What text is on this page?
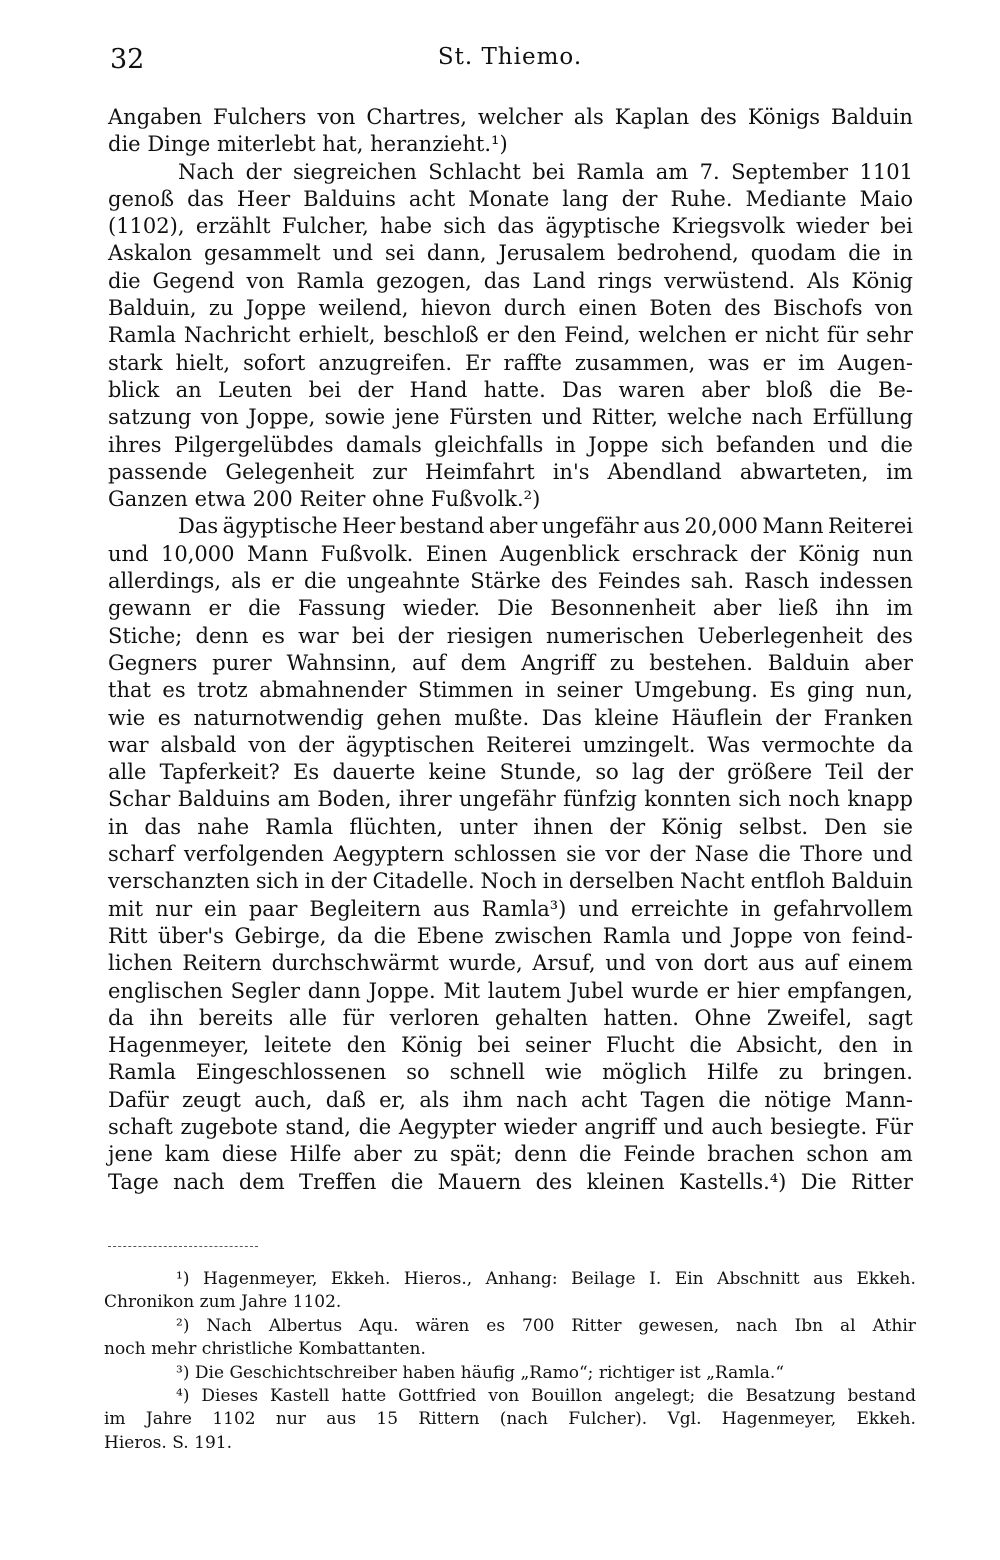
32	St. Thiemo.
Angaben Fulchers von Chartres, welcher als Kaplan des Königs Balduin
die Dinge miterlebt hat, heranzieht.¹)
Nach der siegreichen Schlacht bei Ramla am 7. September 1101
genoß das Heer Balduins acht Monate lang der Ruhe. Mediante Maio
(1102), erzählt Fulcher, habe sich das ägyptische Kriegsvolk wieder bei
Askalon gesammelt und sei dann, Jerusalem bedrohend, quodam die in
die Gegend von Ramla gezogen, das Land rings verwüstend. Als König
Balduin, zu Joppe weilend, hievon durch einen Boten des Bischofs von
Ramla Nachricht erhielt, beschloß er den Feind, welchen er nicht für sehr
stark hielt, sofort anzugreifen. Er raffte zusammen, was er im Augen-
blick an Leuten bei der Hand hatte. Das waren aber bloß die Be-
satzung von Joppe, sowie jene Fürsten und Ritter, welche nach Erfüllung
ihres Pilgergelübdes damals gleichfalls in Joppe sich befanden und die
passende Gelegenheit zur Heimfahrt in's Abendland abwarteten, im
Ganzen etwa 200 Reiter ohne Fußvolk.²)
Das ägyptische Heer bestand aber ungefähr aus 20,000 Mann Reiterei
und 10,000 Mann Fußvolk. Einen Augenblick erschrack der König nun
allerdings, als er die ungeahnte Stärke des Feindes sah. Rasch indessen
gewann er die Fassung wieder. Die Besonnenheit aber ließ ihn im
Stiche; denn es war bei der riesigen numerischen Ueberlegenheit des
Gegners purer Wahnsinn, auf dem Angriff zu bestehen. Balduin aber
that es trotz abmahnender Stimmen in seiner Umgebung. Es ging nun,
wie es naturnotwendig gehen mußte. Das kleine Häuflein der Franken
war alsbald von der ägyptischen Reiterei umzingelt. Was vermochte da
alle Tapferkeit? Es dauerte keine Stunde, so lag der größere Teil der
Schar Balduins am Boden, ihrer ungefähr fünfzig konnten sich noch knapp
in das nahe Ramla flüchten, unter ihnen der König selbst. Den sie
scharf verfolgenden Aegyptern schlossen sie vor der Nase die Thore und
verschanzten sich in der Citadelle. Noch in derselben Nacht entfloh Balduin
mit nur ein paar Begleitern aus Ramla³) und erreichte in gefahrvollem
Ritt über's Gebirge, da die Ebene zwischen Ramla und Joppe von feind-
lichen Reitern durchschwärmt wurde, Arsuf, und von dort aus auf einem
englischen Segler dann Joppe. Mit lautem Jubel wurde er hier empfangen,
da ihn bereits alle für verloren gehalten hatten. Ohne Zweifel, sagt
Hagenmeyer, leitete den König bei seiner Flucht die Absicht, den in
Ramla Eingeschlossenen so schnell wie möglich Hilfe zu bringen.
Dafür zeugt auch, daß er, als ihm nach acht Tagen die nötige Mann-
schaft zugebote stand, die Aegypter wieder angriff und auch besiegte. Für
jene kam diese Hilfe aber zu spät; denn die Feinde brachen schon am
Tage nach dem Treffen die Mauern des kleinen Kastells.⁴) Die Ritter
¹) Hagenmeyer, Ekkeh. Hieros., Anhang: Beilage I. Ein Abschnitt aus Ekkeh.
Chronikon zum Jahre 1102.
²) Nach Albertus Aqu. wären es 700 Ritter gewesen, nach Ibn al Athir
noch mehr christliche Kombattanten.
³) Die Geschichtschreiber haben häufig „Ramo“; richtiger ist „Ramla.“
⁴) Dieses Kastell hatte Gottfried von Bouillon angelegt; die Besatzung bestand
im Jahre 1102 nur aus 15 Rittern (nach Fulcher). Vgl. Hagenmeyer, Ekkeh.
Hieros. S. 191.
